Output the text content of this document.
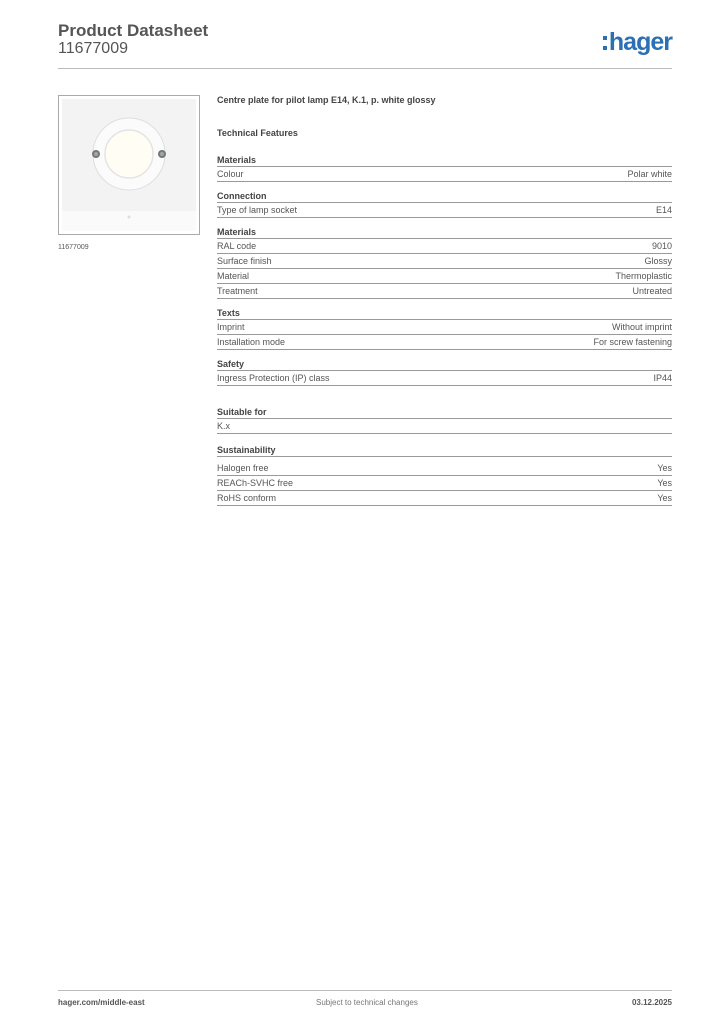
Product Datasheet
11677009	hager
11677009
Centre plate for pilot lamp E14, K.1, p. white glossy
Technical Features
Materials
Colour	Polar white
Connection
Type of lamp socket	E14
Materials
RAL code	9010
Surface finish	Glossy
Material	Thermoplastic
Treatment	Untreated
Texts
Imprint	Without imprint
Installation mode	For screw fastening
Safety
Ingress Protection (IP) class	IP44
Suitable for
K.x
Sustainability
Halogen free	Yes
REACh-SVHC free	Yes
RoHS conform	Yes
hager.com/middle-east	Subject to technical changes	03.12.2025
